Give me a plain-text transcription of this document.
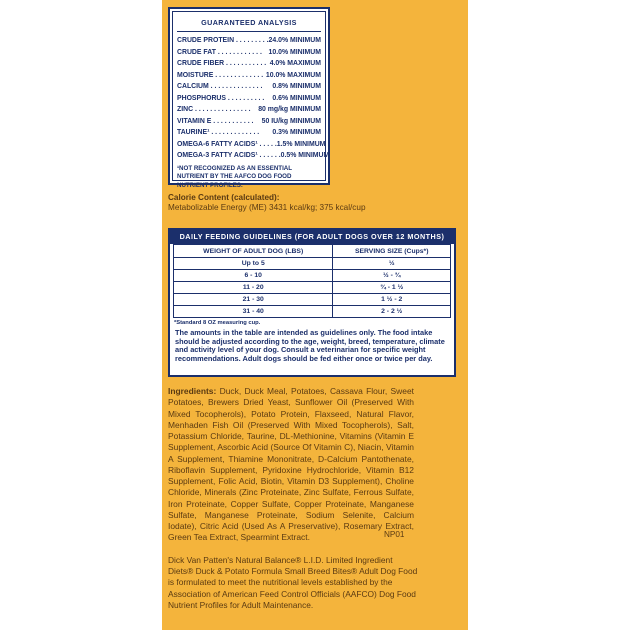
GUARANTEED ANALYSIS
CRUDE PROTEIN . . . . . . . . . 24.0% MINIMUM
CRUDE FAT . . . . . . . . . . . . 10.0% MINIMUM
CRUDE FIBER . . . . . . . . . . . 4.0% MAXIMUM
MOISTURE . . . . . . . . . . . . . 10.0% MAXIMUM
CALCIUM . . . . . . . . . . . . . . 0.8% MINIMUM
PHOSPHORUS . . . . . . . . . . 0.6% MINIMUM
ZINC . . . . . . . . . . . . . . . 80 mg/kg MINIMUM
VITAMIN E . . . . . . . . . . . 50 IU/kg MINIMUM
TAURINE¹ . . . . . . . . . . . . . 0.3% MINIMUM
OMEGA-6 FATTY ACIDS¹ . . . . . 1.5% MINIMUM
OMEGA-3 FATTY ACIDS¹ . . . . . . 0.5% MINIMUM
¹NOT RECOGNIZED AS AN ESSENTIAL NUTRIENT BY THE AAFCO DOG FOOD NUTRIENT PROFILES.
Calorie Content (calculated):
Metabolizable Energy (ME) 3431 kcal/kg; 375 kcal/cup
DAILY FEEDING GUIDELINES (FOR ADULT DOGS OVER 12 MONTHS)
WEIGHT OF ADULT DOG (LBS)	SERVING SIZE (Cups*)
Up to 5	½
6 - 10	½ - ¾
11 - 20	¾ - 1 ½
21 - 30	1 ½ - 2
31 - 40	2 - 2 ½
*Standard 8 OZ measuring cup.
The amounts in the table are intended as guidelines only. The food intake should be adjusted according to the age, weight, breed, temperature, climate and activity level of your dog. Consult a veterinarian for specific weight recommendations. Adult dogs should be fed either once or twice per day.
Ingredients: Duck, Duck Meal, Potatoes, Cassava Flour, Sweet Potatoes, Brewers Dried Yeast, Sunflower Oil (Preserved With Mixed Tocopherols), Potato Protein, Flaxseed, Natural Flavor, Menhaden Fish Oil (Preserved With Mixed Tocopherols), Salt, Potassium Chloride, Taurine, DL-Methionine, Vitamins (Vitamin E Supplement, Ascorbic Acid (Source Of Vitamin C), Niacin, Vitamin A Supplement, Thiamine Mononitrate, D-Calcium Pantothenate, Riboflavin Supplement, Pyridoxine Hydrochloride, Vitamin B12 Supplement, Folic Acid, Biotin, Vitamin D3 Supplement), Choline Chloride, Minerals (Zinc Proteinate, Zinc Sulfate, Ferrous Sulfate, Iron Proteinate, Copper Sulfate, Copper Proteinate, Manganese Sulfate, Manganese Proteinate, Sodium Selenite, Calcium Iodate), Citric Acid (Used As A Preservative), Rosemary Extract, Green Tea Extract, Spearmint Extract.	NP01
Dick Van Patten's Natural Balance® L.I.D. Limited Ingredient Diets® Duck & Potato Formula Small Breed Bites® Adult Dog Food is formulated to meet the nutritional levels established by the Association of American Feed Control Officials (AAFCO) Dog Food Nutrient Profiles for Adult Maintenance.
